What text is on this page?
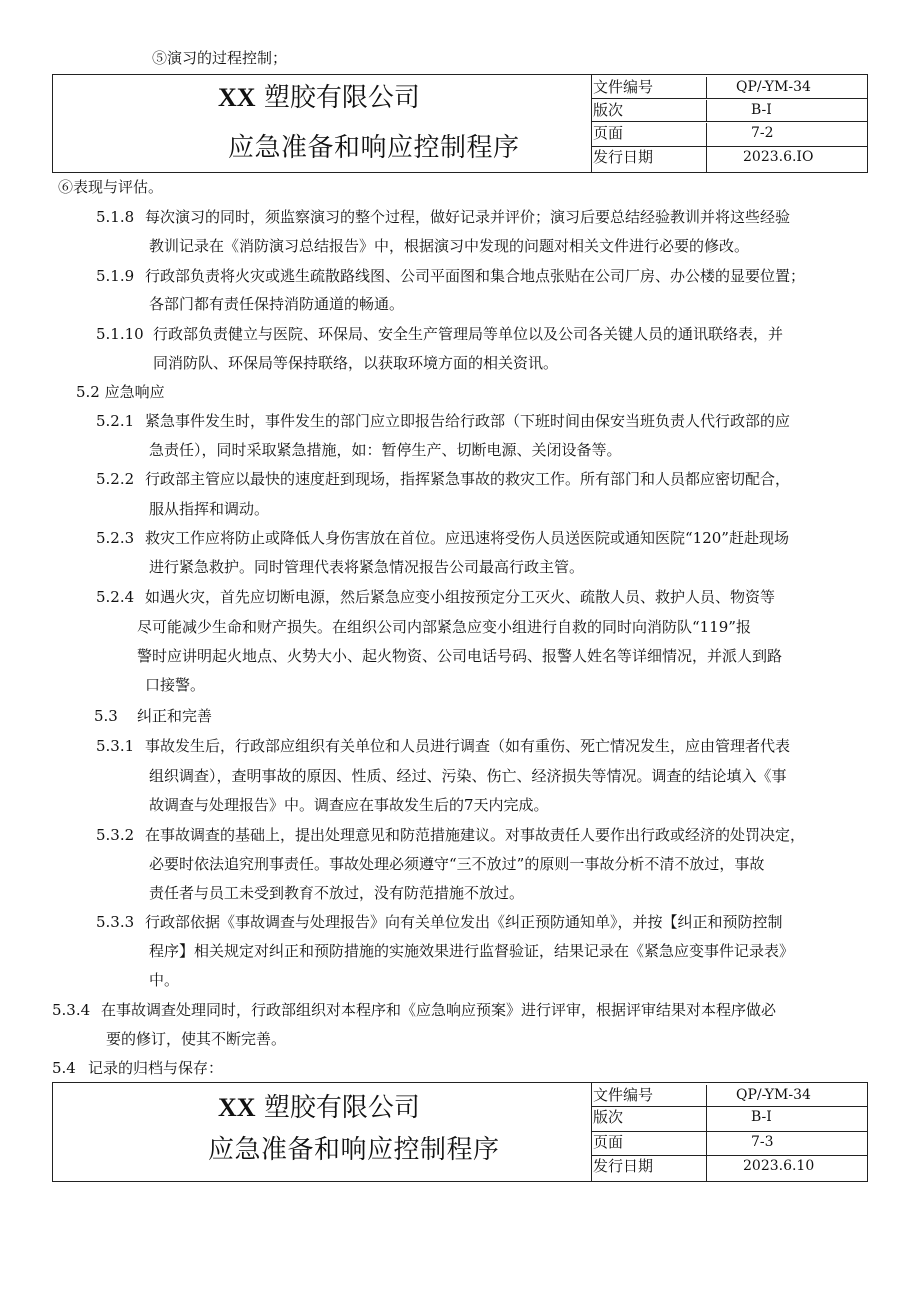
⑤演习的过程控制；
XX 塑胶有限公司
应急准备和响应控制程序
文件编号	QP/-YM-34
版次	B-I
页面	7-2
发行日期	2023.6.IO
⑥表现与评估。
5.1.8 每次演习的同时，须监察演习的整个过程，做好记录并评价；演习后要总结经验教训并将这些经验
教训记录在《消防演习总结报告》中，根据演习中发现的问题对相关文件进行必要的修改。
5.1.9 行政部负责将火灾或逃生疏散路线图、公司平面图和集合地点张贴在公司厂房、办公楼的显要位置；
各部门都有责任保持消防通道的畅通。
5.1.10 行政部负责健立与医院、环保局、安全生产管理局等单位以及公司各关键人员的通讯联络表，并
同消防队、环保局等保持联络，以获取环境方面的相关资讯。
5.2 应急响应
5.2.1 紧急事件发生时，事件发生的部门应立即报告给行政部（下班时间由保安当班负责人代行政部的应
急责任），同时采取紧急措施，如：暂停生产、切断电源、关闭设备等。
5.2.2 行政部主管应以最快的速度赶到现场，指挥紧急事故的救灾工作。所有部门和人员都应密切配合，
服从指挥和调动。
5.2.3 救灾工作应将防止或降低人身伤害放在首位。应迅速将受伤人员送医院或通知医院“120”赶赴现场
进行紧急救护。同时管理代表将紧急情况报告公司最高行政主管。
5.2.4 如遇火灾，首先应切断电源，然后紧急应变小组按预定分工灭火、疏散人员、救护人员、物资等
尽可能减少生命和财产损失。在组织公司内部紧急应变小组进行自救的同时向消防队“119”报
警时应讲明起火地点、火势大小、起火物资、公司电话号码、报警人姓名等详细情况，并派人到路
口接警。
5.3 纠正和完善
5.3.1 事故发生后，行政部应组织有关单位和人员进行调查（如有重伤、死亡情况发生，应由管理者代表
组织调查），查明事故的原因、性质、经过、污染、伤亡、经济损失等情况。调查的结论填入《事
故调查与处理报告》中。调查应在事故发生后的7天内完成。
5.3.2 在事故调查的基础上，提出处理意见和防范措施建议。对事故责任人要作出行政或经济的处罚决定，
必要时依法追究刑事责任。事故处理必须遵守“三不放过”的原则一事故分析不清不放过，事故
责任者与员工未受到教育不放过，没有防范措施不放过。
5.3.3 行政部依据《事故调查与处理报告》向有关单位发出《纠正预防通知单》，并按【纠正和预防控制
程序】相关规定对纠正和预防措施的实施效果进行监督验证，结果记录在《紧急应变事件记录表》
中。
5.3.4 在事故调查处理同时，行政部组织对本程序和《应急响应预案》进行评审，根据评审结果对本程序做必
要的修订，使其不断完善。
5.4 记录的归档与保存：
XX 塑胶有限公司
应急准备和响应控制程序
文件编号	QP/-YM-34
版次	B-I
页面	7-3
发行日期	2023.6.10
